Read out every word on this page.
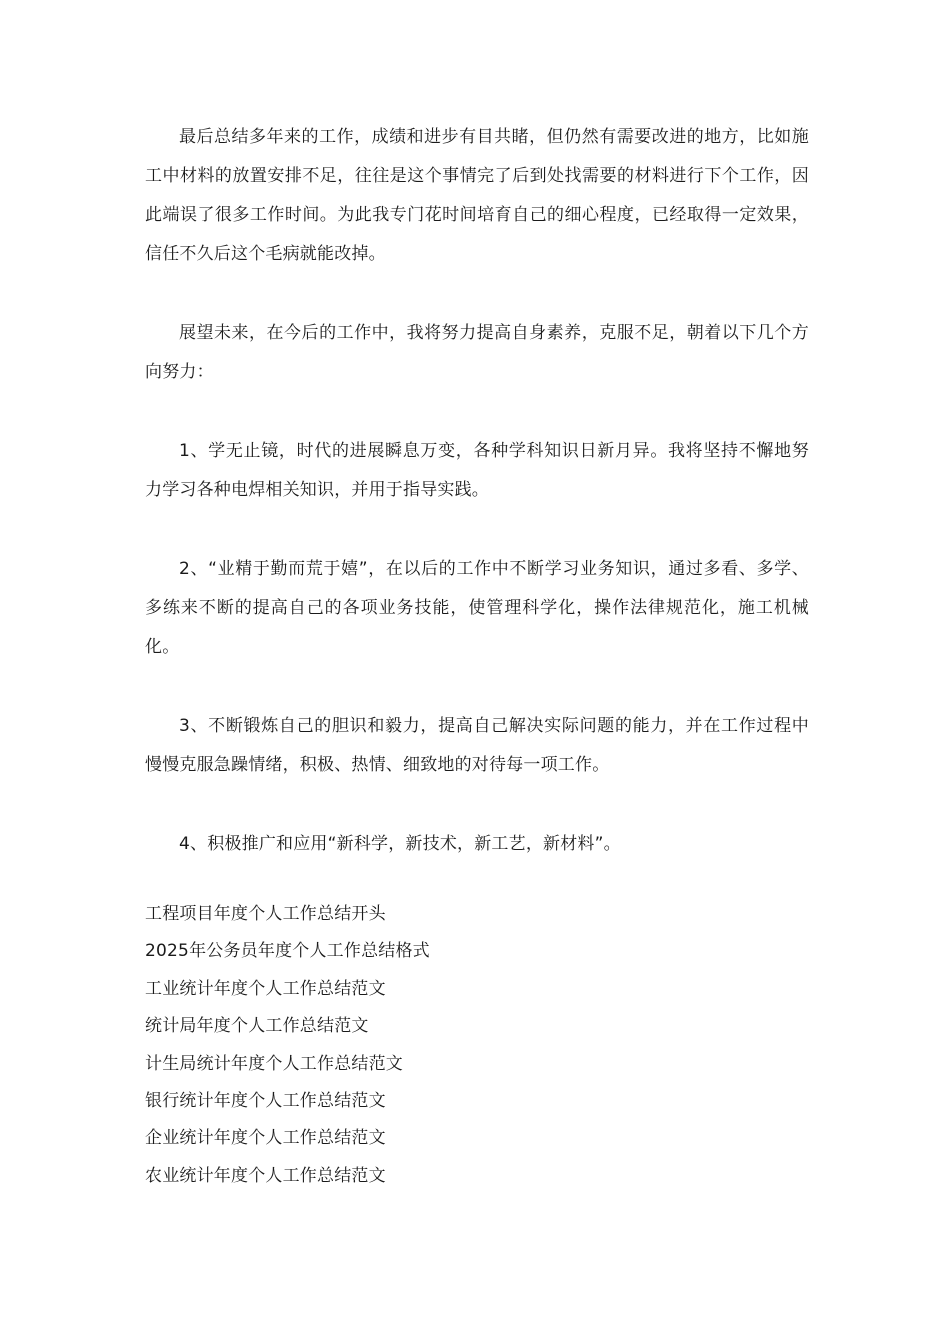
最后总结多年来的工作，成绩和进步有目共睹，但仍然有需要改进的地方，比如施工中材料的放置安排不足，往往是这个事情完了后到处找需要的材料进行下个工作，因此端误了很多工作时间。为此我专门花时间培育自己的细心程度，已经取得一定效果，信任不久后这个毛病就能改掉。

展望未来，在今后的工作中，我将努力提高自身素养，克服不足，朝着以下几个方向努力：

1、学无止镜，时代的进展瞬息万变，各种学科知识日新月异。我将坚持不懈地努力学习各种电焊相关知识，并用于指导实践。

2、“业精于勤而荒于嬉”，在以后的工作中不断学习业务知识，通过多看、多学、多练来不断的提高自己的各项业务技能，使管理科学化，操作法律规范化，施工机械化。

3、不断锻炼自己的胆识和毅力，提高自己解决实际问题的能力，并在工作过程中慢慢克服急躁情绪，积极、热情、细致地的对待每一项工作。

4、积极推广和应用“新科学，新技术，新工艺，新材料”。

工程项目年度个人工作总结开头
2025年公务员年度个人工作总结格式
工业统计年度个人工作总结范文
统计局年度个人工作总结范文
计生局统计年度个人工作总结范文
银行统计年度个人工作总结范文
企业统计年度个人工作总结范文
农业统计年度个人工作总结范文
